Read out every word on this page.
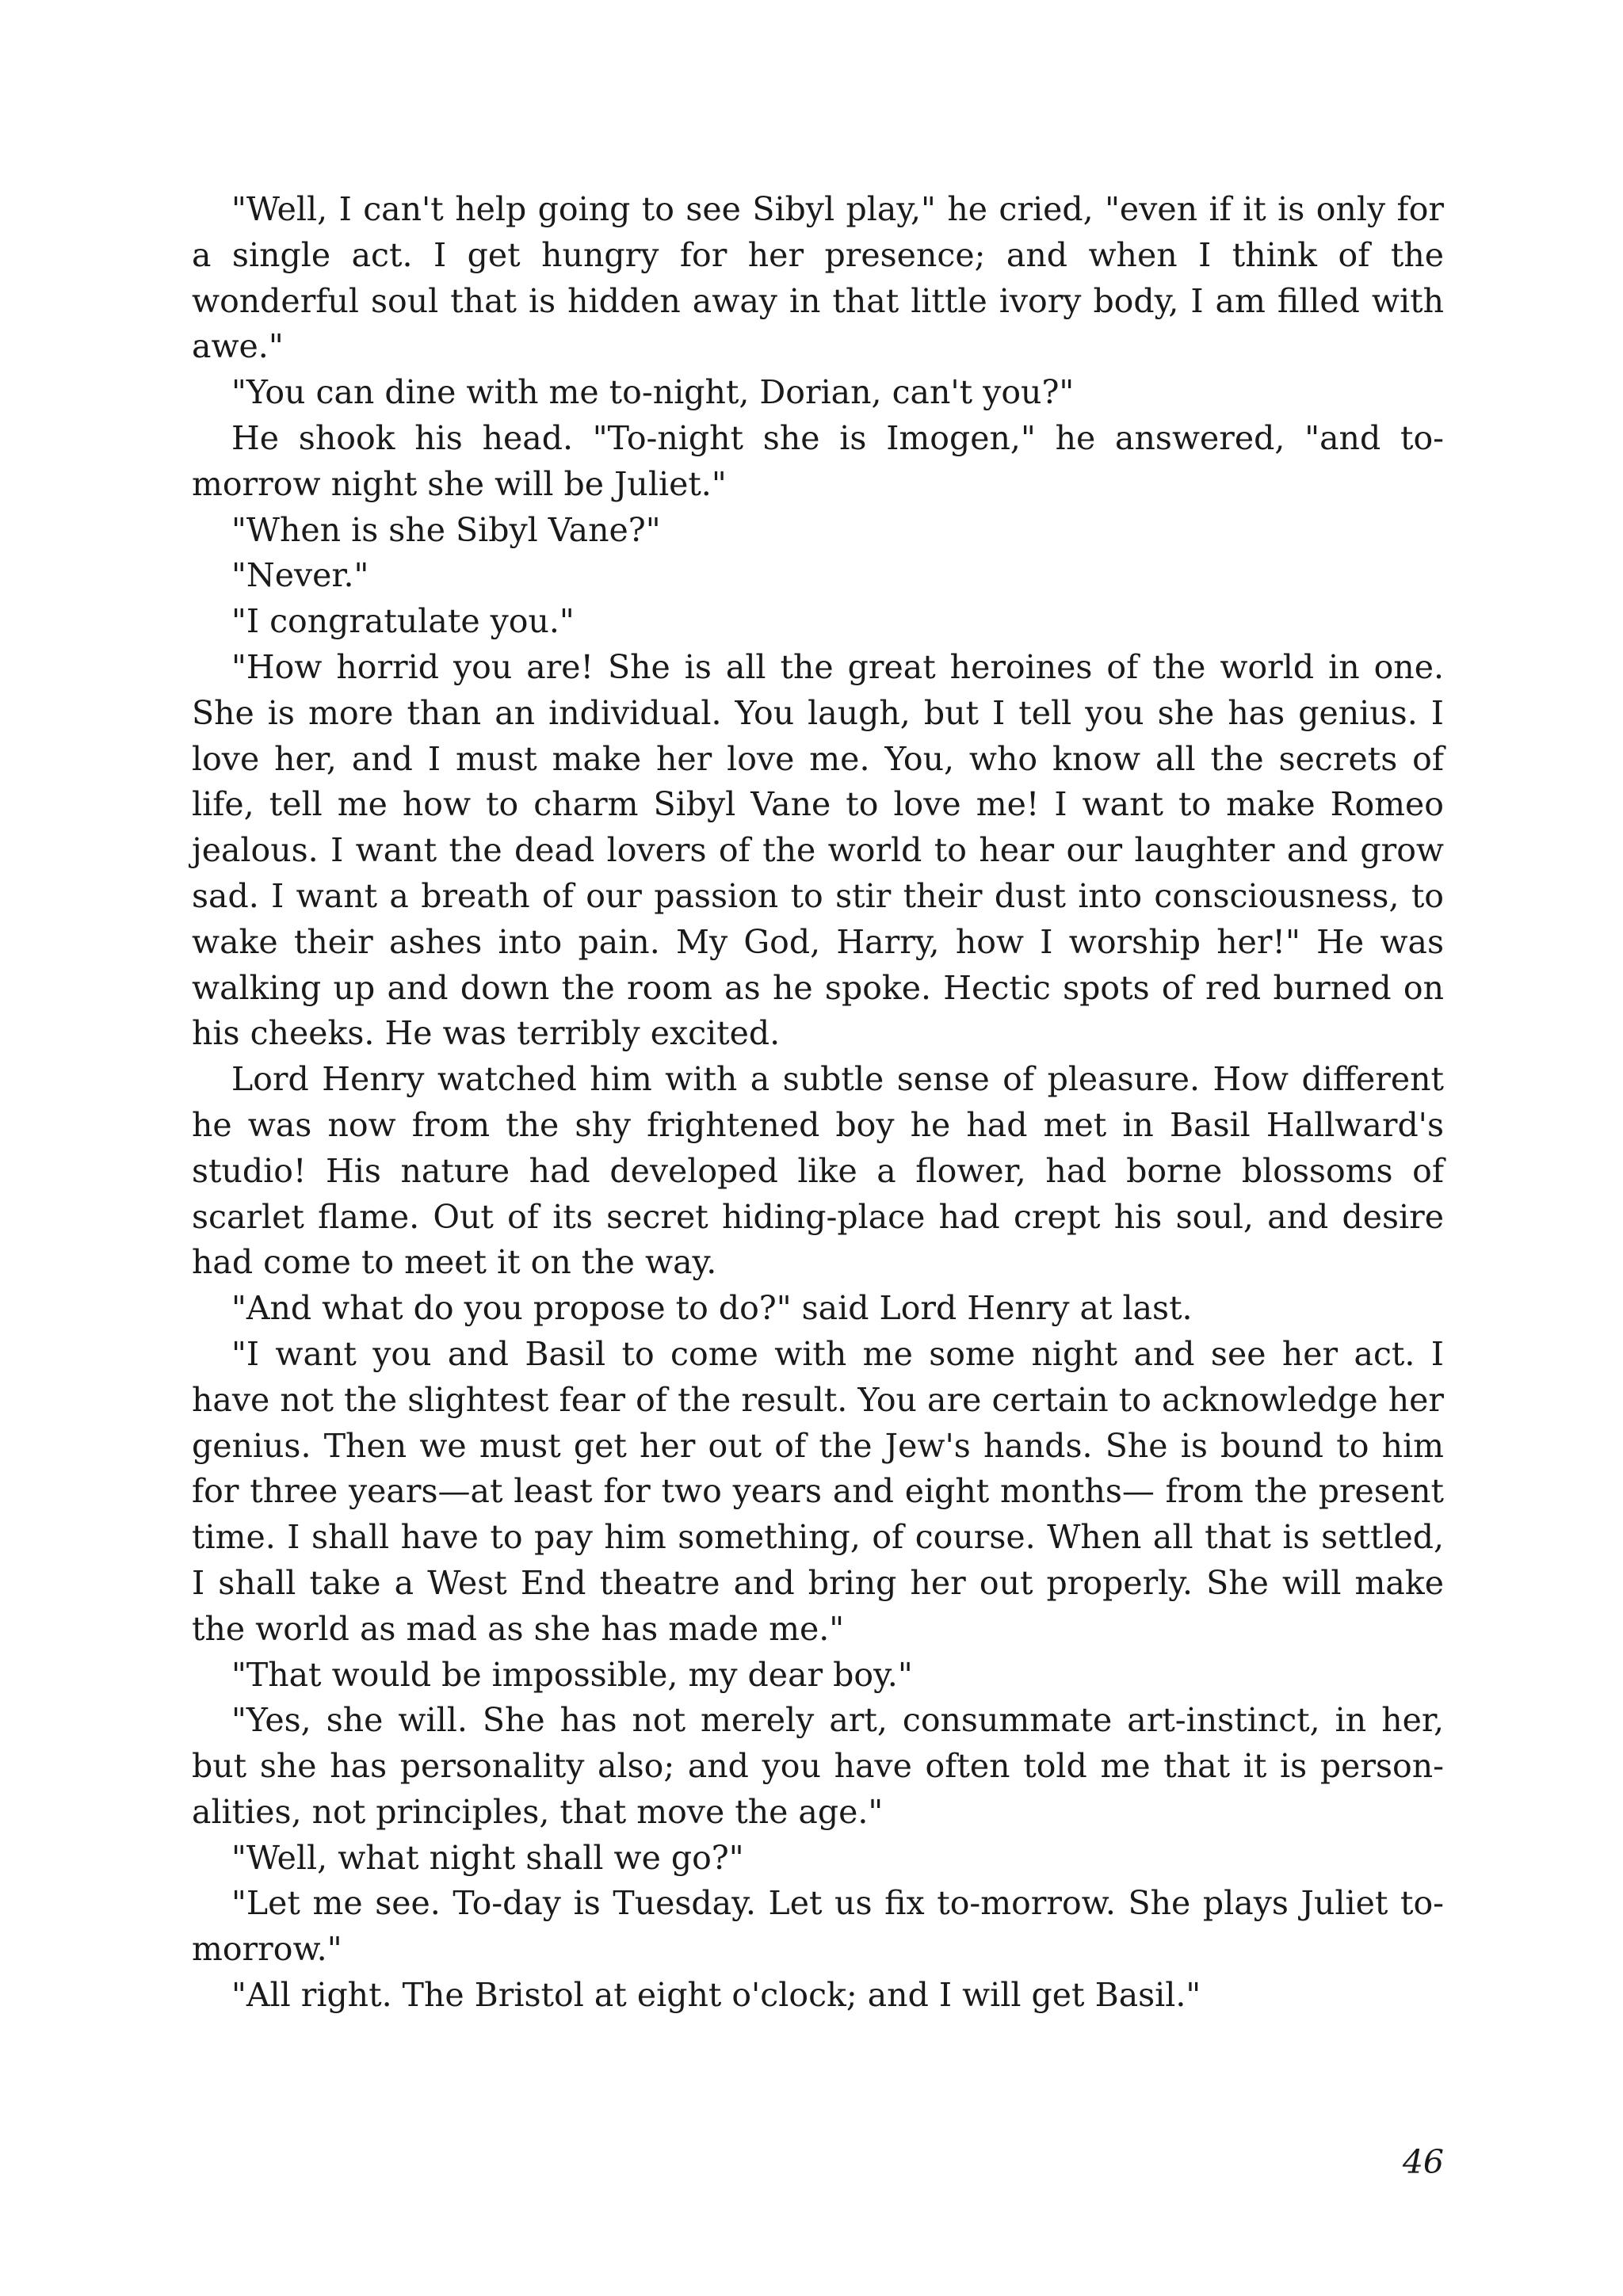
"Well, I can't help going to see Sibyl play," he cried, "even if it is only for a single act. I get hungry for her presence; and when I think of the wonderful soul that is hidden away in that little ivory body, I am filled with awe."

"You can dine with me to-night, Dorian, can't you?"

He shook his head. "To-night she is Imogen," he answered, "and to-morrow night she will be Juliet."

"When is she Sibyl Vane?"

"Never."

"I congratulate you."

"How horrid you are! She is all the great heroines of the world in one. She is more than an individual. You laugh, but I tell you she has genius. I love her, and I must make her love me. You, who know all the secrets of life, tell me how to charm Sibyl Vane to love me! I want to make Romeo jealous. I want the dead lovers of the world to hear our laughter and grow sad. I want a breath of our passion to stir their dust into consciousness, to wake their ashes into pain. My God, Harry, how I worship her!" He was walking up and down the room as he spoke. Hectic spots of red burned on his cheeks. He was terribly excited.

Lord Henry watched him with a subtle sense of pleasure. How different he was now from the shy frightened boy he had met in Basil Hallward's studio! His nature had developed like a flower, had borne blossoms of scarlet flame. Out of its secret hiding-place had crept his soul, and desire had come to meet it on the way.

"And what do you propose to do?" said Lord Henry at last.

"I want you and Basil to come with me some night and see her act. I have not the slightest fear of the result. You are certain to acknowledge her genius. Then we must get her out of the Jew's hands. She is bound to him for three years—at least for two years and eight months— from the present time. I shall have to pay him something, of course. When all that is settled, I shall take a West End theatre and bring her out properly. She will make the world as mad as she has made me."

"That would be impossible, my dear boy."

"Yes, she will. She has not merely art, consummate art-instinct, in her, but she has personality also; and you have often told me that it is personalities, not principles, that move the age."

"Well, what night shall we go?"

"Let me see. To-day is Tuesday. Let us fix to-morrow. She plays Juliet to-morrow."

"All right. The Bristol at eight o'clock; and I will get Basil."

46
